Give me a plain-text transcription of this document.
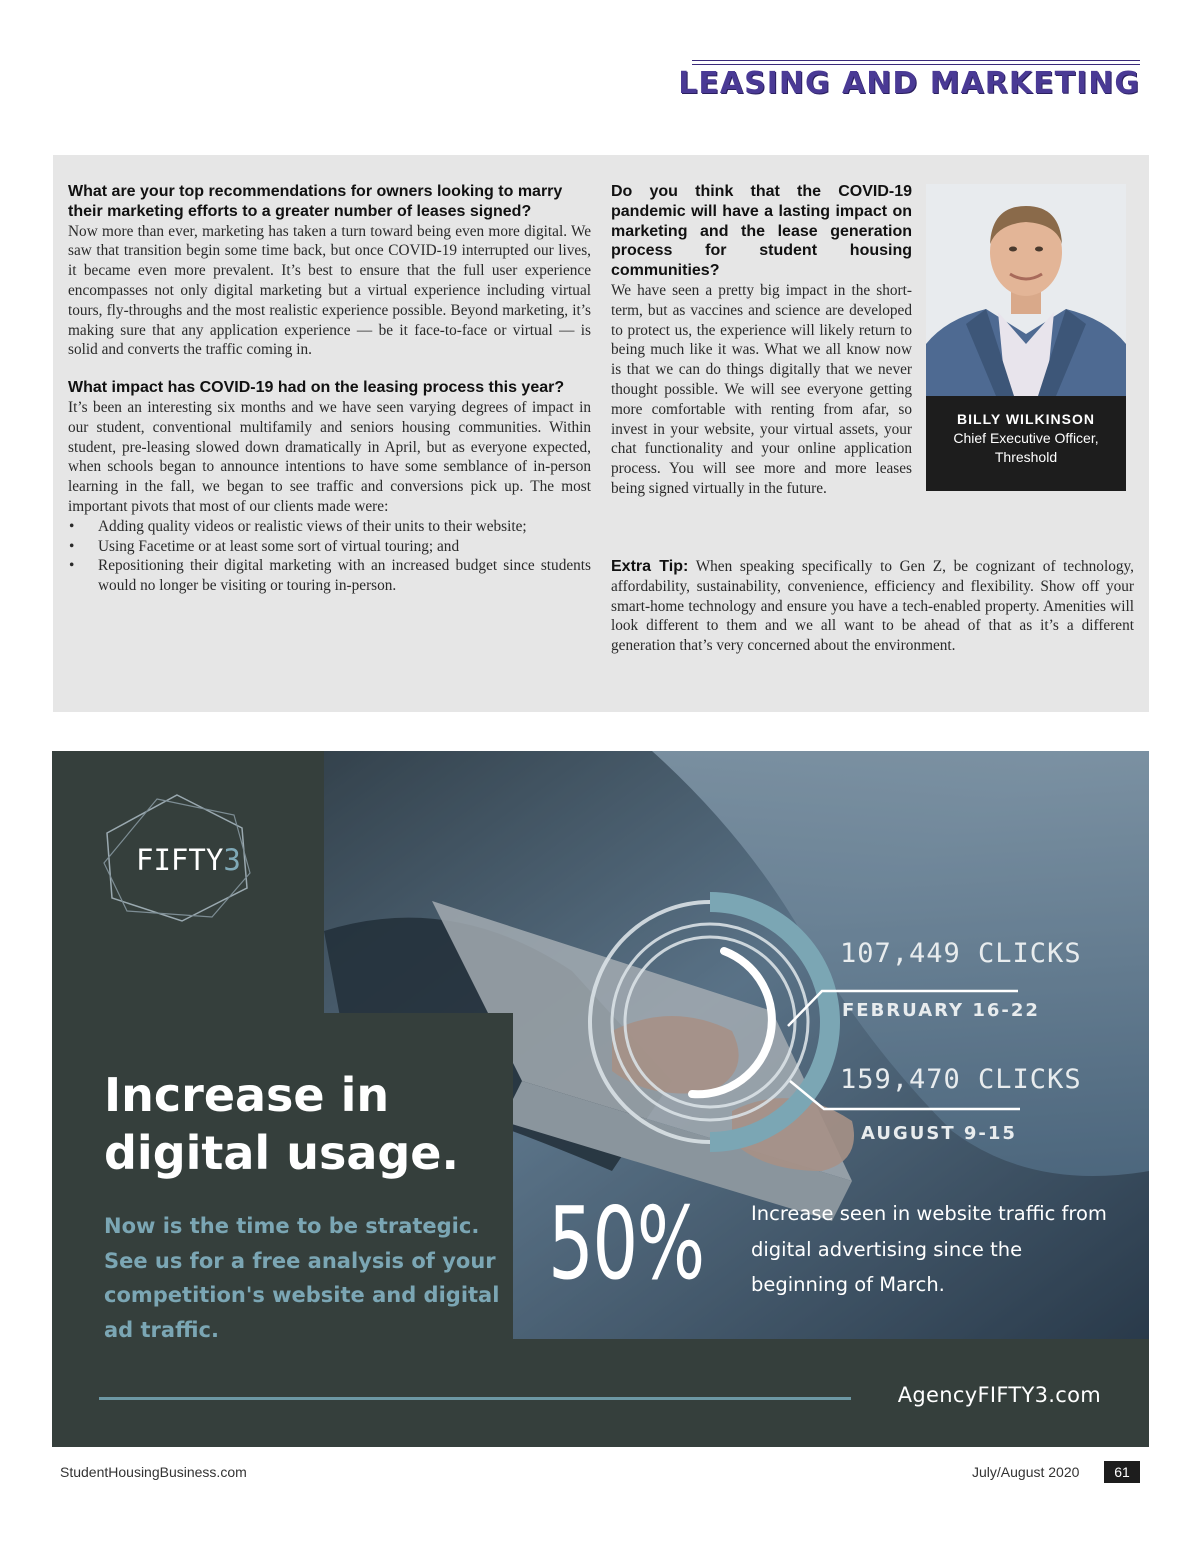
LEASING AND MARKETING

What are your top recommendations for owners looking to marry their marketing efforts to a greater number of leases signed?

Now more than ever, marketing has taken a turn toward being even more digital. We saw that transition begin some time back, but once COVID-19 interrupted our lives, it became even more prevalent. It’s best to ensure that the full user experience encompasses not only digital marketing but a virtual experience including virtual tours, fly-throughs and the most realistic experience possible. Beyond marketing, it’s making sure that any application experience — be it face-to-face or virtual — is solid and converts the traffic coming in.

What impact has COVID-19 had on the leasing process this year?

It’s been an interesting six months and we have seen varying degrees of impact in our student, conventional multifamily and seniors housing communities. Within student, pre-leasing slowed down dramatically in April, but as everyone expected, when schools began to announce intentions to have some semblance of in-person learning in the fall, we began to see traffic and conversions pick up. The most important pivots that most of our clients made were:

• Adding quality videos or realistic views of their units to their website;
• Using Facetime or at least some sort of virtual touring; and
• Repositioning their digital marketing with an increased budget since students would no longer be visiting or touring in-person.

Do you think that the COVID-19 pandemic will have a lasting impact on marketing and the lease generation process for student housing communities?

We have seen a pretty big impact in the short-term, but as vaccines and science are developed to protect us, the experience will likely return to being much like it was. What we all know now is that we can do things digitally that we never thought possible. We will see everyone getting more comfortable with renting from afar, so invest in your website, your virtual assets, your chat functionality and your online application process. You will see more and more leases being signed virtually in the future.

BILLY WILKINSON
Chief Executive Officer,
Threshold
Extra Tip: When speaking specifically to Gen Z, be cognizant of technology, affordability, sustainability, convenience, efficiency and flexibility. Show off your smart-home technology and ensure you have a tech-enabled property. Amenities will look different to them and we all want to be ahead of that as it’s a different generation that’s very concerned about the environment.
FIFTY3
107,449 CLICKS
FEBRUARY 16-22
159,470 CLICKS
AUGUST 9-15
50% Increase seen in website traffic from digital advertising since the beginning of March.
Increase in
digital usage.
Now is the time to be strategic. See us for a free analysis of your competition's website and digital ad traffic.
AgencyFIFTY3.com
StudentHousingBusiness.com	July/August 2020	61
